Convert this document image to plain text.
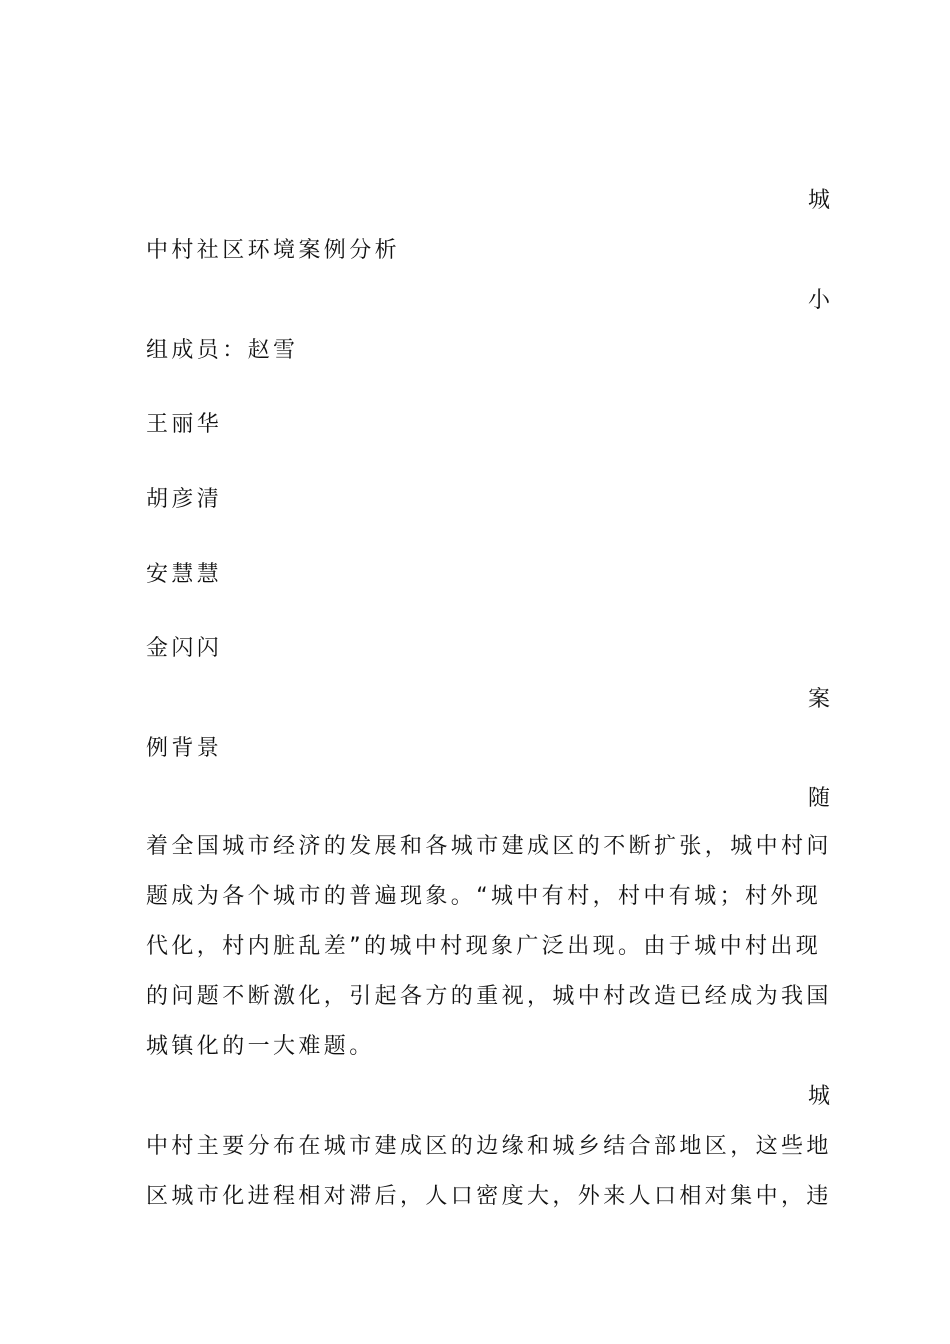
城
中村社区环境案例分析
小
组成员：赵雪
王丽华
胡彦清
安慧慧
金闪闪
案
例背景
随
着全国城市经济的发展和各城市建成区的不断扩张，城中村问
题成为各个城市的普遍现象。“城中有村，村中有城；村外现
代化，村内脏乱差”的城中村现象广泛出现。由于城中村出现
的问题不断激化，引起各方的重视，城中村改造已经成为我国
城镇化的一大难题。
城
中村主要分布在城市建成区的边缘和城乡结合部地区，这些地
区城市化进程相对滞后，人口密度大，外来人口相对集中，违
